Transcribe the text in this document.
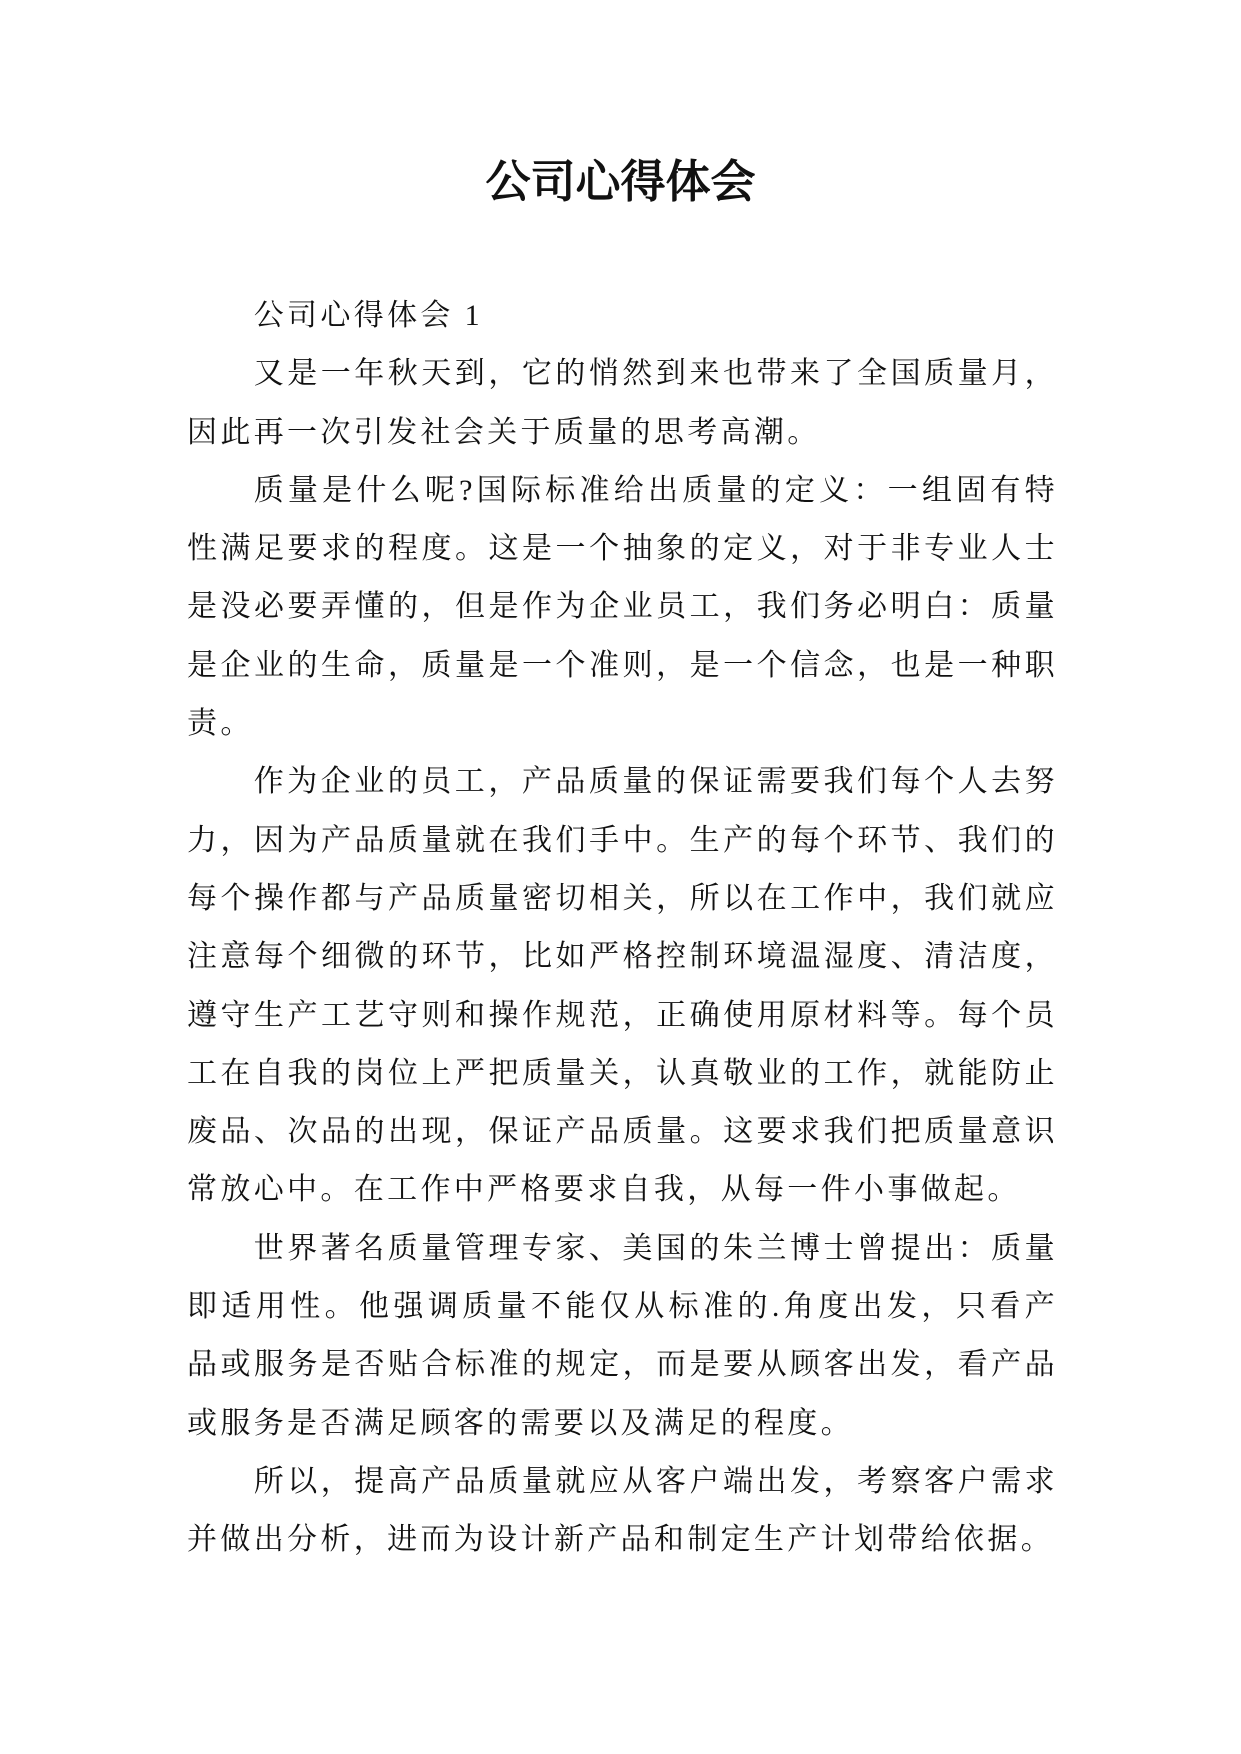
公司心得体会

公司心得体会 1

又是一年秋天到，它的悄然到来也带来了全国质量月，因此再一次引发社会关于质量的思考高潮。

质量是什么呢?国际标准给出质量的定义：一组固有特性满足要求的程度。这是一个抽象的定义，对于非专业人士是没必要弄懂的，但是作为企业员工，我们务必明白：质量是企业的生命，质量是一个准则，是一个信念，也是一种职责。

作为企业的员工，产品质量的保证需要我们每个人去努力，因为产品质量就在我们手中。生产的每个环节、我们的每个操作都与产品质量密切相关，所以在工作中，我们就应注意每个细微的环节，比如严格控制环境温湿度、清洁度，遵守生产工艺守则和操作规范，正确使用原材料等。每个员工在自我的岗位上严把质量关，认真敬业的工作，就能防止废品、次品的出现，保证产品质量。这要求我们把质量意识常放心中。在工作中严格要求自我，从每一件小事做起。

世界著名质量管理专家、美国的朱兰博士曾提出：质量即适用性。他强调质量不能仅从标准的.角度出发，只看产品或服务是否贴合标准的规定，而是要从顾客出发，看产品或服务是否满足顾客的需要以及满足的程度。

所以，提高产品质量就应从客户端出发，考察客户需求并做出分析，进而为设计新产品和制定生产计划带给依据。
